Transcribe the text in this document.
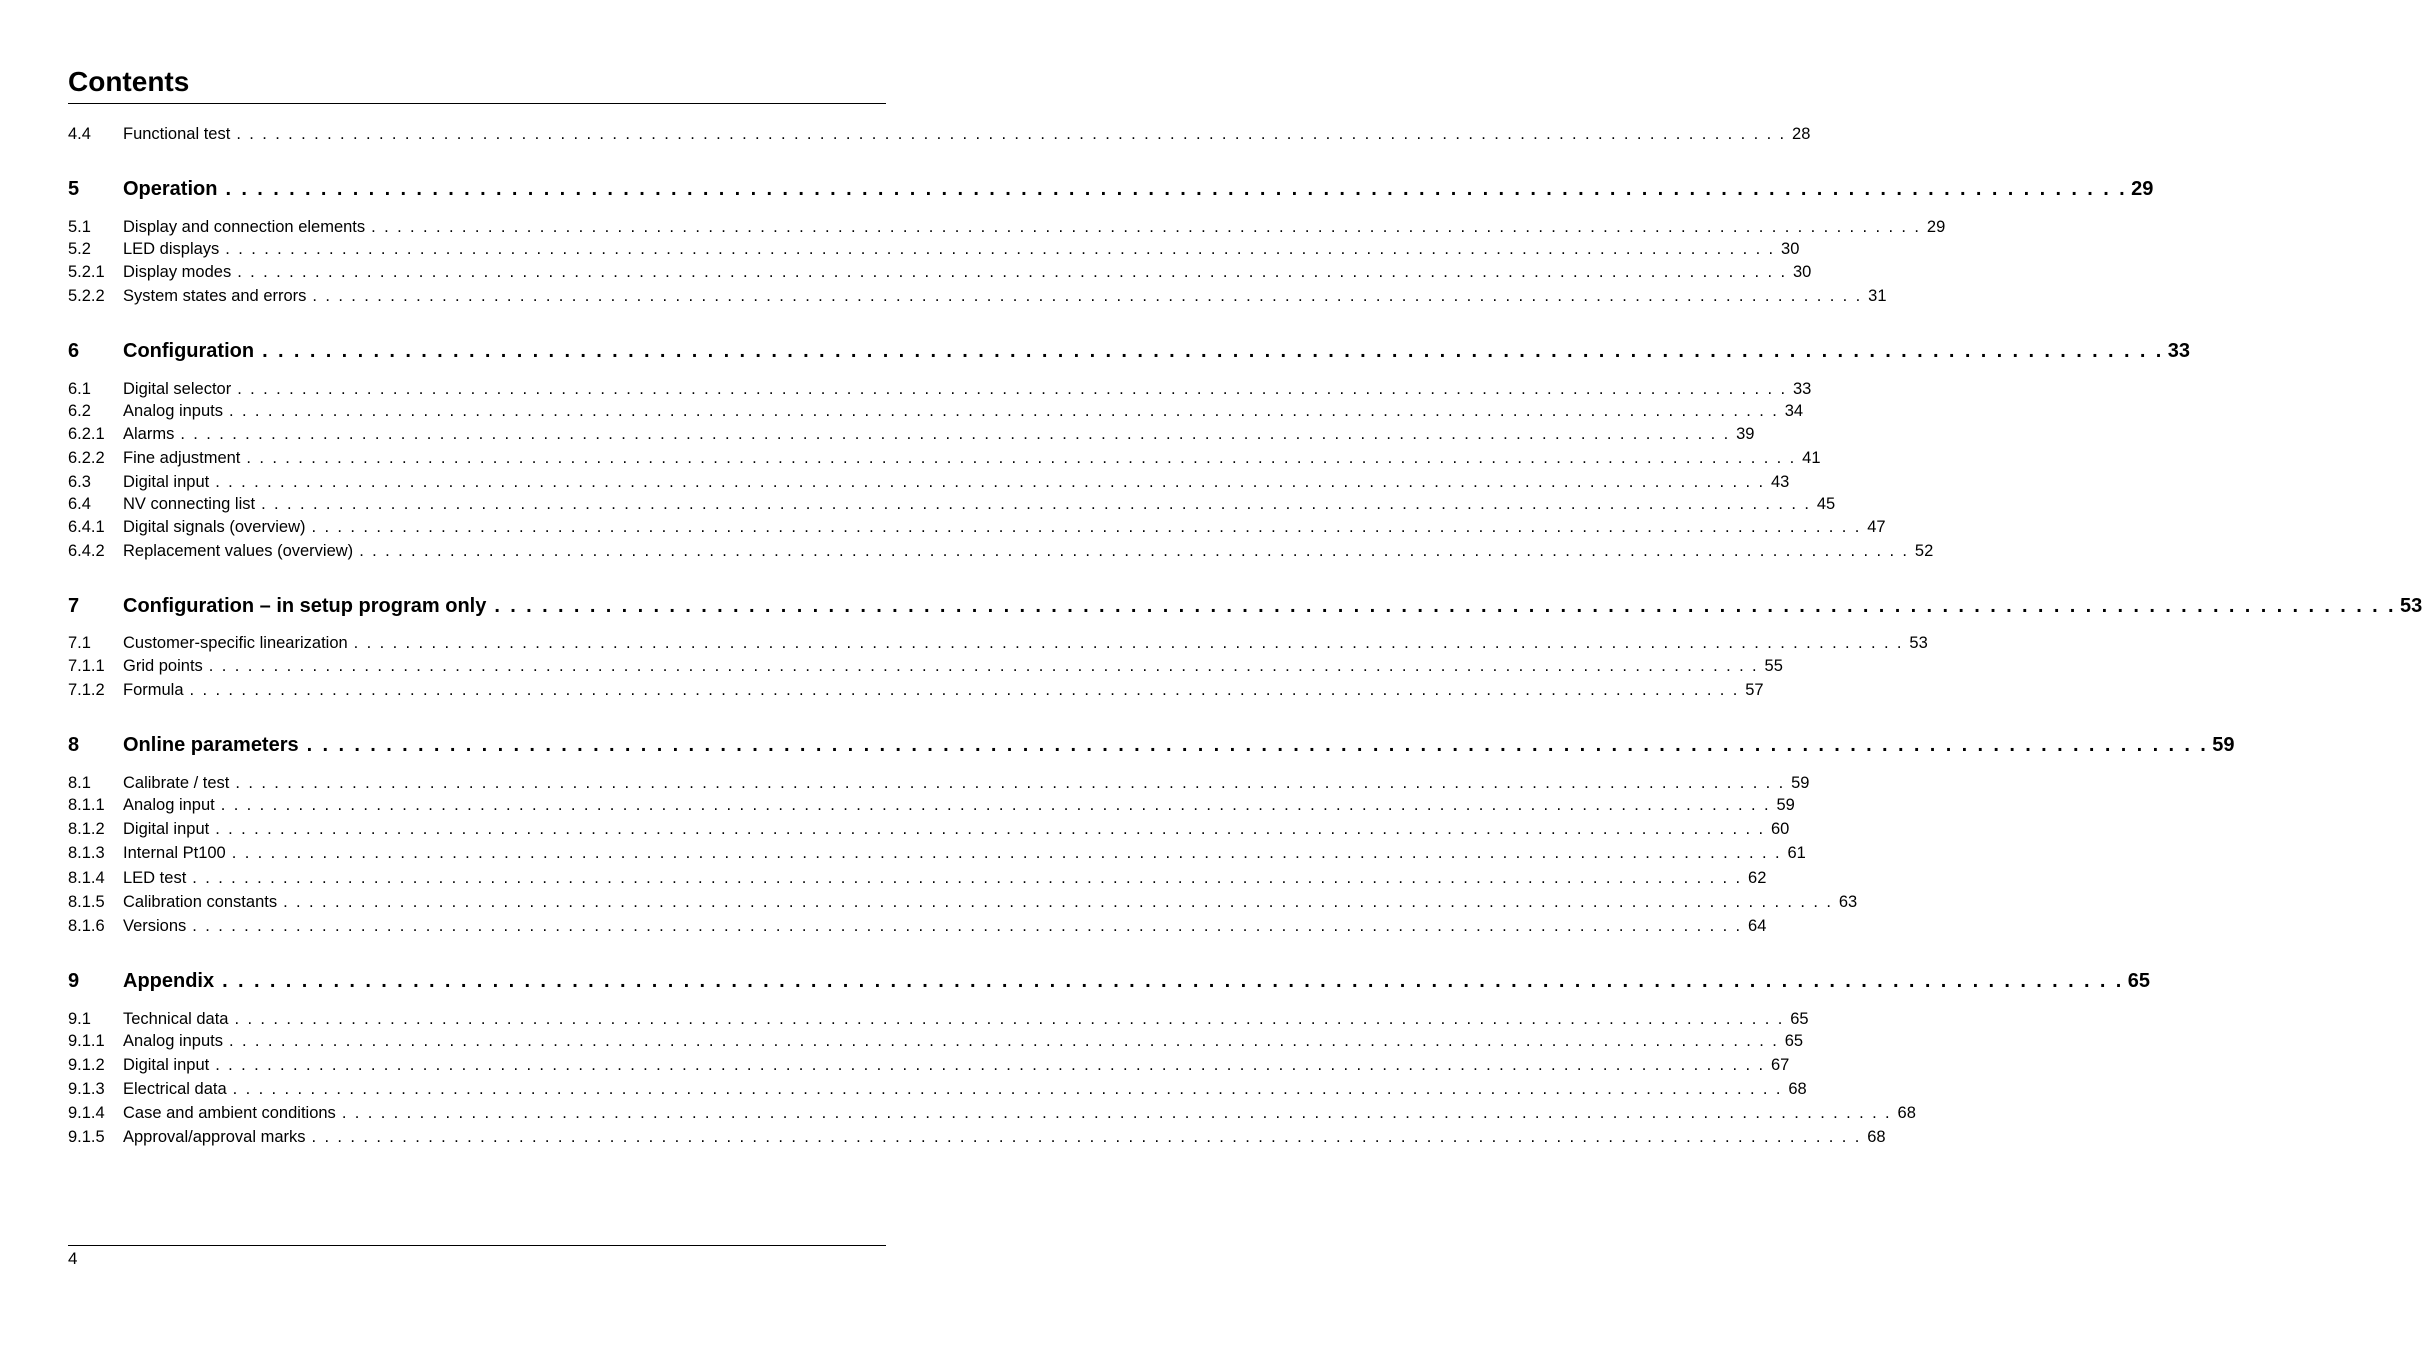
Contents
4.4	Functional test . . . . . . . . . . . . . . . . . . . . . . . . . . . . . . . . . . . . . . . . . . . . . . . . . . . . . . . . . . . . . . . . . . . . . . . . . . . . . . . . . . . . . . . . . . . . . . . . . . . . . . . . . . . . . . . . . . . . . . . . 28
5	Operation . . . . . . . . . . . . . . . . . . . . . . . . . . . . . . . . . . . . . . . . . . . . . . . . . . . . . . . . . . . . . . . . . . . . . . . . . . . . . . . . . . . . . . . . . . . . . . . . . . . . . . . . . . . . . . . . . . . . . . . . 29
5.1	Display and connection elements . . . . . . . . . . . . . . . . . . . . . . . . . . . . . . . . . . . . . . . . . . . . . . . . . . . . . . . . . . . . . . . . . . . . . . . . . . . . . . . . . . . . . . . . . . . . . . . . . . . . . . . . . . . . . . . . . . . . . . . . 29
5.2	LED displays . . . . . . . . . . . . . . . . . . . . . . . . . . . . . . . . . . . . . . . . . . . . . . . . . . . . . . . . . . . . . . . . . . . . . . . . . . . . . . . . . . . . . . . . . . . . . . . . . . . . . . . . . . . . . . . . . . . . . . . . 30
5.2.1	Display modes . . . . . . . . . . . . . . . . . . . . . . . . . . . . . . . . . . . . . . . . . . . . . . . . . . . . . . . . . . . . . . . . . . . . . . . . . . . . . . . . . . . . . . . . . . . . . . . . . . . . . . . . . . . . . . . . . . . . . . . . 30
5.2.2	System states and errors . . . . . . . . . . . . . . . . . . . . . . . . . . . . . . . . . . . . . . . . . . . . . . . . . . . . . . . . . . . . . . . . . . . . . . . . . . . . . . . . . . . . . . . . . . . . . . . . . . . . . . . . . . . . . . . . . . . . . . . . 31
6	Configuration . . . . . . . . . . . . . . . . . . . . . . . . . . . . . . . . . . . . . . . . . . . . . . . . . . . . . . . . . . . . . . . . . . . . . . . . . . . . . . . . . . . . . . . . . . . . . . . . . . . . . . . . . . . . . . . . . . . . . . . . 33
6.1	Digital selector . . . . . . . . . . . . . . . . . . . . . . . . . . . . . . . . . . . . . . . . . . . . . . . . . . . . . . . . . . . . . . . . . . . . . . . . . . . . . . . . . . . . . . . . . . . . . . . . . . . . . . . . . . . . . . . . . . . . . . . . 33
6.2	Analog inputs . . . . . . . . . . . . . . . . . . . . . . . . . . . . . . . . . . . . . . . . . . . . . . . . . . . . . . . . . . . . . . . . . . . . . . . . . . . . . . . . . . . . . . . . . . . . . . . . . . . . . . . . . . . . . . . . . . . . . . . . 34
6.2.1	Alarms . . . . . . . . . . . . . . . . . . . . . . . . . . . . . . . . . . . . . . . . . . . . . . . . . . . . . . . . . . . . . . . . . . . . . . . . . . . . . . . . . . . . . . . . . . . . . . . . . . . . . . . . . . . . . . . . . . . . . . . . 39
6.2.2	Fine adjustment . . . . . . . . . . . . . . . . . . . . . . . . . . . . . . . . . . . . . . . . . . . . . . . . . . . . . . . . . . . . . . . . . . . . . . . . . . . . . . . . . . . . . . . . . . . . . . . . . . . . . . . . . . . . . . . . . . . . . . . . 41
6.3	Digital input . . . . . . . . . . . . . . . . . . . . . . . . . . . . . . . . . . . . . . . . . . . . . . . . . . . . . . . . . . . . . . . . . . . . . . . . . . . . . . . . . . . . . . . . . . . . . . . . . . . . . . . . . . . . . . . . . . . . . . . . 43
6.4	NV connecting list . . . . . . . . . . . . . . . . . . . . . . . . . . . . . . . . . . . . . . . . . . . . . . . . . . . . . . . . . . . . . . . . . . . . . . . . . . . . . . . . . . . . . . . . . . . . . . . . . . . . . . . . . . . . . . . . . . . . . . . . 45
6.4.1	Digital signals (overview) . . . . . . . . . . . . . . . . . . . . . . . . . . . . . . . . . . . . . . . . . . . . . . . . . . . . . . . . . . . . . . . . . . . . . . . . . . . . . . . . . . . . . . . . . . . . . . . . . . . . . . . . . . . . . . . . . . . . . . . . 47
6.4.2	Replacement values (overview) . . . . . . . . . . . . . . . . . . . . . . . . . . . . . . . . . . . . . . . . . . . . . . . . . . . . . . . . . . . . . . . . . . . . . . . . . . . . . . . . . . . . . . . . . . . . . . . . . . . . . . . . . . . . . . . . . . . . . . . . 52
7	Configuration – in setup program only . . . . . . . . . . . . . . . . . . . . . . . . . . . . . . . . . . . . . . . . . . . . . . . . . . . . . . . . . . . . . . . . . . . . . . . . . . . . . . . . . . . . . . . . . . . . . . . . . . . . . . . . . . . . . . . . . . . . . . . . 53
7.1	Customer-specific linearization . . . . . . . . . . . . . . . . . . . . . . . . . . . . . . . . . . . . . . . . . . . . . . . . . . . . . . . . . . . . . . . . . . . . . . . . . . . . . . . . . . . . . . . . . . . . . . . . . . . . . . . . . . . . . . . . . . . . . . . . 53
7.1.1	Grid points . . . . . . . . . . . . . . . . . . . . . . . . . . . . . . . . . . . . . . . . . . . . . . . . . . . . . . . . . . . . . . . . . . . . . . . . . . . . . . . . . . . . . . . . . . . . . . . . . . . . . . . . . . . . . . . . . . . . . . . . 55
7.1.2	Formula . . . . . . . . . . . . . . . . . . . . . . . . . . . . . . . . . . . . . . . . . . . . . . . . . . . . . . . . . . . . . . . . . . . . . . . . . . . . . . . . . . . . . . . . . . . . . . . . . . . . . . . . . . . . . . . . . . . . . . . . 57
8	Online parameters . . . . . . . . . . . . . . . . . . . . . . . . . . . . . . . . . . . . . . . . . . . . . . . . . . . . . . . . . . . . . . . . . . . . . . . . . . . . . . . . . . . . . . . . . . . . . . . . . . . . . . . . . . . . . . . . . . . . . . . . 59
8.1	Calibrate / test . . . . . . . . . . . . . . . . . . . . . . . . . . . . . . . . . . . . . . . . . . . . . . . . . . . . . . . . . . . . . . . . . . . . . . . . . . . . . . . . . . . . . . . . . . . . . . . . . . . . . . . . . . . . . . . . . . . . . . . . 59
8.1.1	Analog input . . . . . . . . . . . . . . . . . . . . . . . . . . . . . . . . . . . . . . . . . . . . . . . . . . . . . . . . . . . . . . . . . . . . . . . . . . . . . . . . . . . . . . . . . . . . . . . . . . . . . . . . . . . . . . . . . . . . . . . . 59
8.1.2	Digital input . . . . . . . . . . . . . . . . . . . . . . . . . . . . . . . . . . . . . . . . . . . . . . . . . . . . . . . . . . . . . . . . . . . . . . . . . . . . . . . . . . . . . . . . . . . . . . . . . . . . . . . . . . . . . . . . . . . . . . . . 60
8.1.3	Internal Pt100 . . . . . . . . . . . . . . . . . . . . . . . . . . . . . . . . . . . . . . . . . . . . . . . . . . . . . . . . . . . . . . . . . . . . . . . . . . . . . . . . . . . . . . . . . . . . . . . . . . . . . . . . . . . . . . . . . . . . . . . . 61
8.1.4	LED test . . . . . . . . . . . . . . . . . . . . . . . . . . . . . . . . . . . . . . . . . . . . . . . . . . . . . . . . . . . . . . . . . . . . . . . . . . . . . . . . . . . . . . . . . . . . . . . . . . . . . . . . . . . . . . . . . . . . . . . . 62
8.1.5	Calibration constants . . . . . . . . . . . . . . . . . . . . . . . . . . . . . . . . . . . . . . . . . . . . . . . . . . . . . . . . . . . . . . . . . . . . . . . . . . . . . . . . . . . . . . . . . . . . . . . . . . . . . . . . . . . . . . . . . . . . . . . . 63
8.1.6	Versions . . . . . . . . . . . . . . . . . . . . . . . . . . . . . . . . . . . . . . . . . . . . . . . . . . . . . . . . . . . . . . . . . . . . . . . . . . . . . . . . . . . . . . . . . . . . . . . . . . . . . . . . . . . . . . . . . . . . . . . . 64
9	Appendix . . . . . . . . . . . . . . . . . . . . . . . . . . . . . . . . . . . . . . . . . . . . . . . . . . . . . . . . . . . . . . . . . . . . . . . . . . . . . . . . . . . . . . . . . . . . . . . . . . . . . . . . . . . . . . . . . . . . . . . . 65
9.1	Technical data . . . . . . . . . . . . . . . . . . . . . . . . . . . . . . . . . . . . . . . . . . . . . . . . . . . . . . . . . . . . . . . . . . . . . . . . . . . . . . . . . . . . . . . . . . . . . . . . . . . . . . . . . . . . . . . . . . . . . . . . 65
9.1.1	Analog inputs . . . . . . . . . . . . . . . . . . . . . . . . . . . . . . . . . . . . . . . . . . . . . . . . . . . . . . . . . . . . . . . . . . . . . . . . . . . . . . . . . . . . . . . . . . . . . . . . . . . . . . . . . . . . . . . . . . . . . . . . 65
9.1.2	Digital input . . . . . . . . . . . . . . . . . . . . . . . . . . . . . . . . . . . . . . . . . . . . . . . . . . . . . . . . . . . . . . . . . . . . . . . . . . . . . . . . . . . . . . . . . . . . . . . . . . . . . . . . . . . . . . . . . . . . . . . . 67
9.1.3	Electrical data . . . . . . . . . . . . . . . . . . . . . . . . . . . . . . . . . . . . . . . . . . . . . . . . . . . . . . . . . . . . . . . . . . . . . . . . . . . . . . . . . . . . . . . . . . . . . . . . . . . . . . . . . . . . . . . . . . . . . . . . 68
9.1.4	Case and ambient conditions . . . . . . . . . . . . . . . . . . . . . . . . . . . . . . . . . . . . . . . . . . . . . . . . . . . . . . . . . . . . . . . . . . . . . . . . . . . . . . . . . . . . . . . . . . . . . . . . . . . . . . . . . . . . . . . . . . . . . . . . 68
9.1.5	Approval/approval marks . . . . . . . . . . . . . . . . . . . . . . . . . . . . . . . . . . . . . . . . . . . . . . . . . . . . . . . . . . . . . . . . . . . . . . . . . . . . . . . . . . . . . . . . . . . . . . . . . . . . . . . . . . . . . . . . . . . . . . . . 68
4
